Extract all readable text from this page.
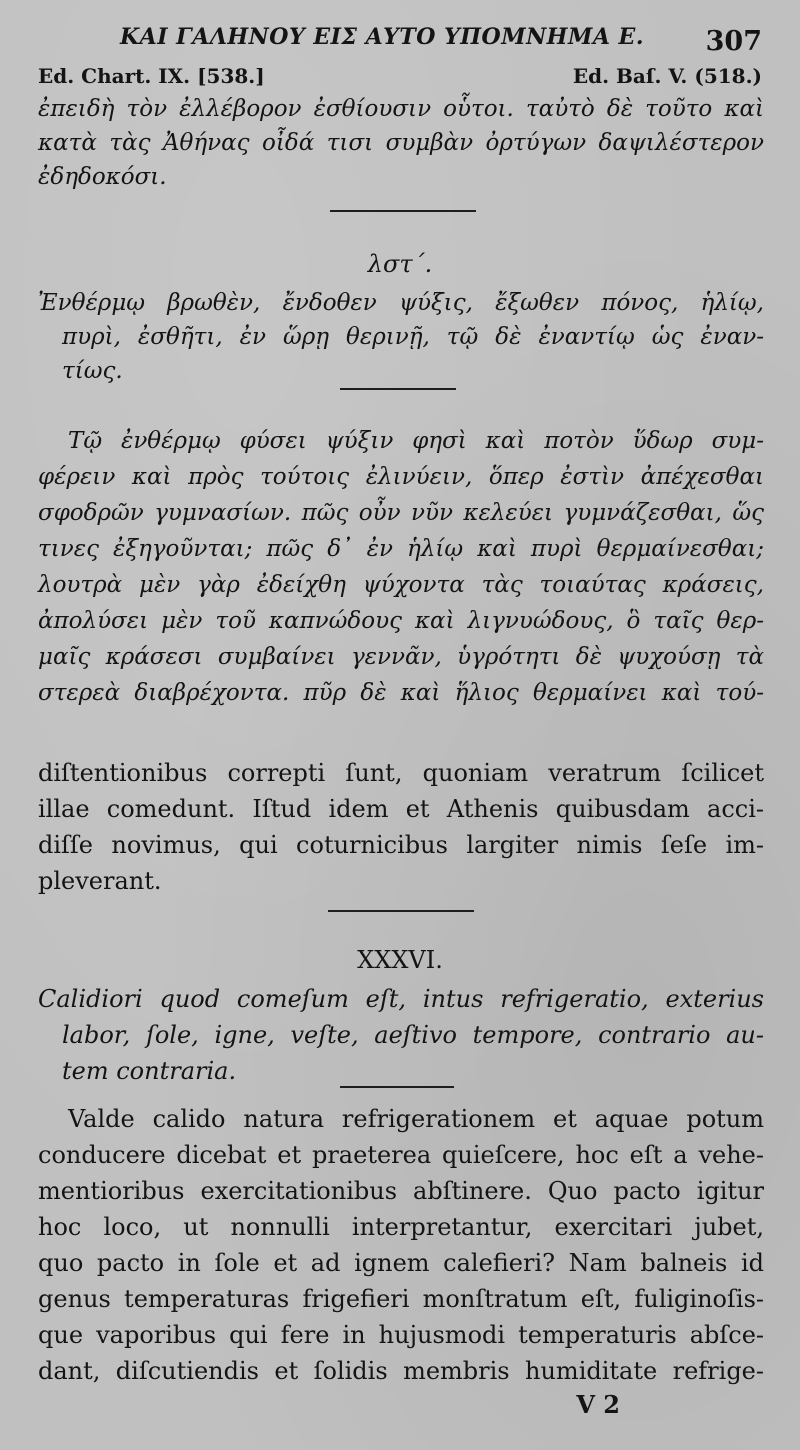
ΚΑΙ ΓΑΛΗΝΟΥ ΕΙΣ ΑΥΤΟ ΥΠΟΜΝΗΜΑ Ε. 307
Ed. Chart. IX. [538.]	Ed. Baſ. V. (518.)
ἐπειδὴ τὸν ἐλλέβορον ἐσθίουσιν οὗτοι. ταὐτὸ δὲ τοῦτο καὶ
κατὰ τὰς Ἀθήνας οἶδά τισι συμβὰν ὀρτύγων δαψιλέστερον
ἐδηδοκόσι.
λστ΄.
Ἐνθέρμῳ βρωθὲν, ἔνδοθεν ψύξις, ἔξωθεν πόνος, ἡλίῳ,
πυρὶ, ἐσθῆτι, ἐν ὥρῃ θερινῇ, τῷ δὲ ἐναντίῳ ὡς ἐναν-
τίως.
Τῷ ἐνθέρμῳ φύσει ψύξιν φησὶ καὶ ποτὸν ὕδωρ συμ-
φέρειν καὶ πρὸς τούτοις ἐλινύειν, ὅπερ ἐστὶν ἀπέχεσθαι
σφοδρῶν γυμνασίων. πῶς οὖν νῦν κελεύει γυμνάζεσθαι, ὥς
τινες ἐξηγοῦνται; πῶς δ᾽ ἐν ἡλίῳ καὶ πυρὶ θερμαίνεσθαι;
λουτρὰ μὲν γὰρ ἐδείχθη ψύχοντα τὰς τοιαύτας κράσεις,
ἀπολύσει μὲν τοῦ καπνώδους καὶ λιγνυώδους, ὃ ταῖς θερ-
μαῖς κράσεσι συμβαίνει γεννᾶν, ὑγρότητι δὲ ψυχούσῃ τὰ
στερεὰ διαβρέχοντα. πῦρ δὲ καὶ ἥλιος θερμαίνει καὶ τού-
diſtentionibus correpti ſunt, quoniam veratrum ſcilicet
illae comedunt. Iſtud idem et Athenis quibusdam acci-
diſſe novimus, qui coturnicibus largiter nimis ſeſe im-
pleverant.
XXXVI.
Calidiori quod comeſum eſt, intus refrigeratio, exterius
labor, ſole, igne, veſte, aeſtivo tempore, contrario au-
tem contraria.
Valde calido natura refrigerationem et aquae potum
conducere dicebat et praeterea quieſcere, hoc eſt a vehe-
mentioribus exercitationibus abſtinere. Quo pacto igitur
hoc loco, ut nonnulli interpretantur, exercitari jubet,
quo pacto in ſole et ad ignem calefieri? Nam balneis id
genus temperaturas frigefieri monſtratum eſt, fuliginoſis-
que vaporibus qui fere in hujusmodi temperaturis abſce-
dant, diſcutiendis et ſolidis membris humiditate refrige-
V 2
